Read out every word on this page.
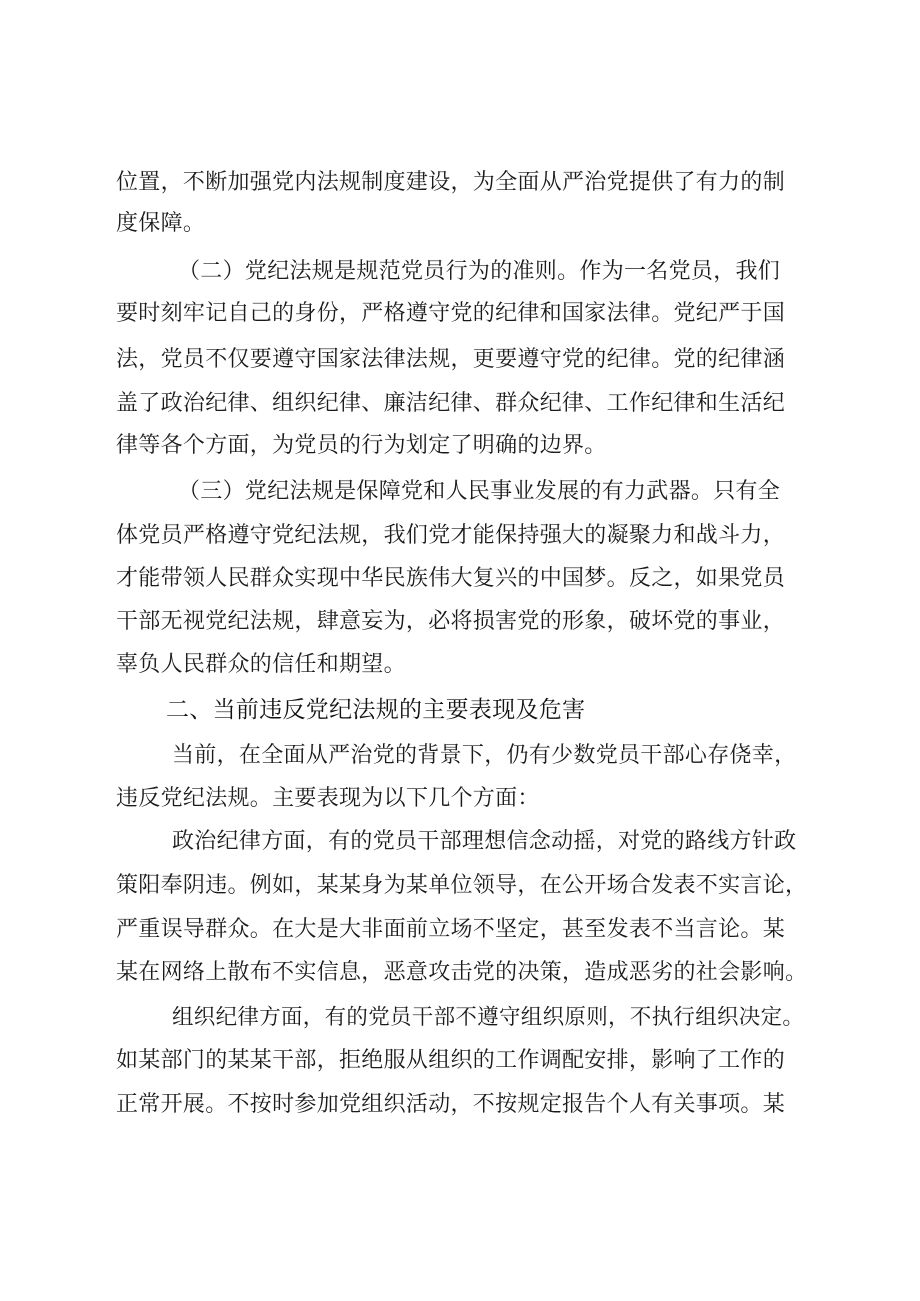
位置，不断加强党内法规制度建设，为全面从严治党提供了有力的制
度保障。
（二）党纪法规是规范党员行为的准则。作为一名党员，我们
要时刻牢记自己的身份，严格遵守党的纪律和国家法律。党纪严于国
法，党员不仅要遵守国家法律法规，更要遵守党的纪律。党的纪律涵
盖了政治纪律、组织纪律、廉洁纪律、群众纪律、工作纪律和生活纪
律等各个方面，为党员的行为划定了明确的边界。
（三）党纪法规是保障党和人民事业发展的有力武器。只有全
体党员严格遵守党纪法规，我们党才能保持强大的凝聚力和战斗力，
才能带领人民群众实现中华民族伟大复兴的中国梦。反之，如果党员
干部无视党纪法规，肆意妄为，必将损害党的形象，破坏党的事业，
辜负人民群众的信任和期望。
二、当前违反党纪法规的主要表现及危害
当前，在全面从严治党的背景下，仍有少数党员干部心存侥幸，
违反党纪法规。主要表现为以下几个方面：
政治纪律方面，有的党员干部理想信念动摇，对党的路线方针政
策阳奉阴违。例如，某某身为某单位领导，在公开场合发表不实言论，
严重误导群众。在大是大非面前立场不坚定，甚至发表不当言论。某
某在网络上散布不实信息，恶意攻击党的决策，造成恶劣的社会影响。
组织纪律方面，有的党员干部不遵守组织原则，不执行组织决定。
如某部门的某某干部，拒绝服从组织的工作调配安排，影响了工作的
正常开展。不按时参加党组织活动，不按规定报告个人有关事项。某
